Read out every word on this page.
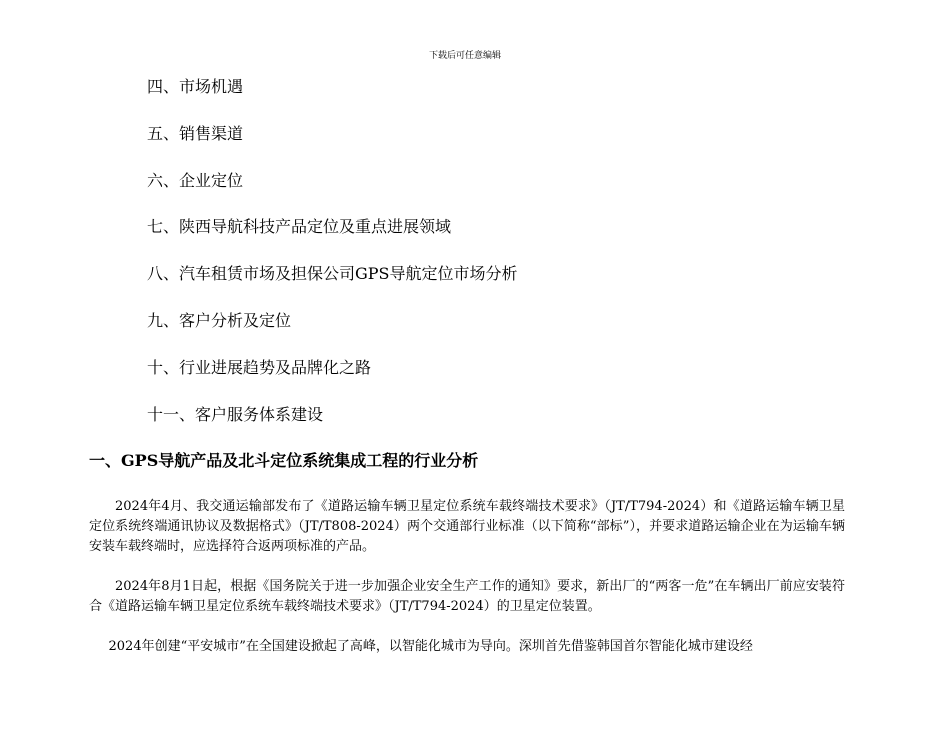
下载后可任意编辑
四、市场机遇
五、销售渠道
六、企业定位
七、陕西导航科技产品定位及重点进展领域
八、汽车租赁市场及担保公司GPS导航定位市场分析
九、客户分析及定位
十、行业进展趋势及品牌化之路
十一、客户服务体系建设
一、GPS导航产品及北斗定位系统集成工程的行业分析

2024年4月、我交通运输部发布了《道路运输车辆卫星定位系统车载终端技术要求》（JT/T794-2024）和《道路运输车辆卫星定位系统终端通讯协议及数据格式》（JT/T808-2024）两个交通部行业标准（以下简称“部标”），并要求道路运输企业在为运输车辆安装车载终端时，应选择符合返两项标准的产品。

2024年8月1日起，根据《国务院关于进一步加强企业安全生产工作的通知》要求，新出厂的“两客一危”在车辆出厂前应安装符合《道路运输车辆卫星定位系统车载终端技术要求》（JT/T794-2024）的卫星定位装置。

2024年创建“平安城市”在全国建设掀起了高峰，以智能化城市为导向。深圳首先借鉴韩国首尔智能化城市建设经
